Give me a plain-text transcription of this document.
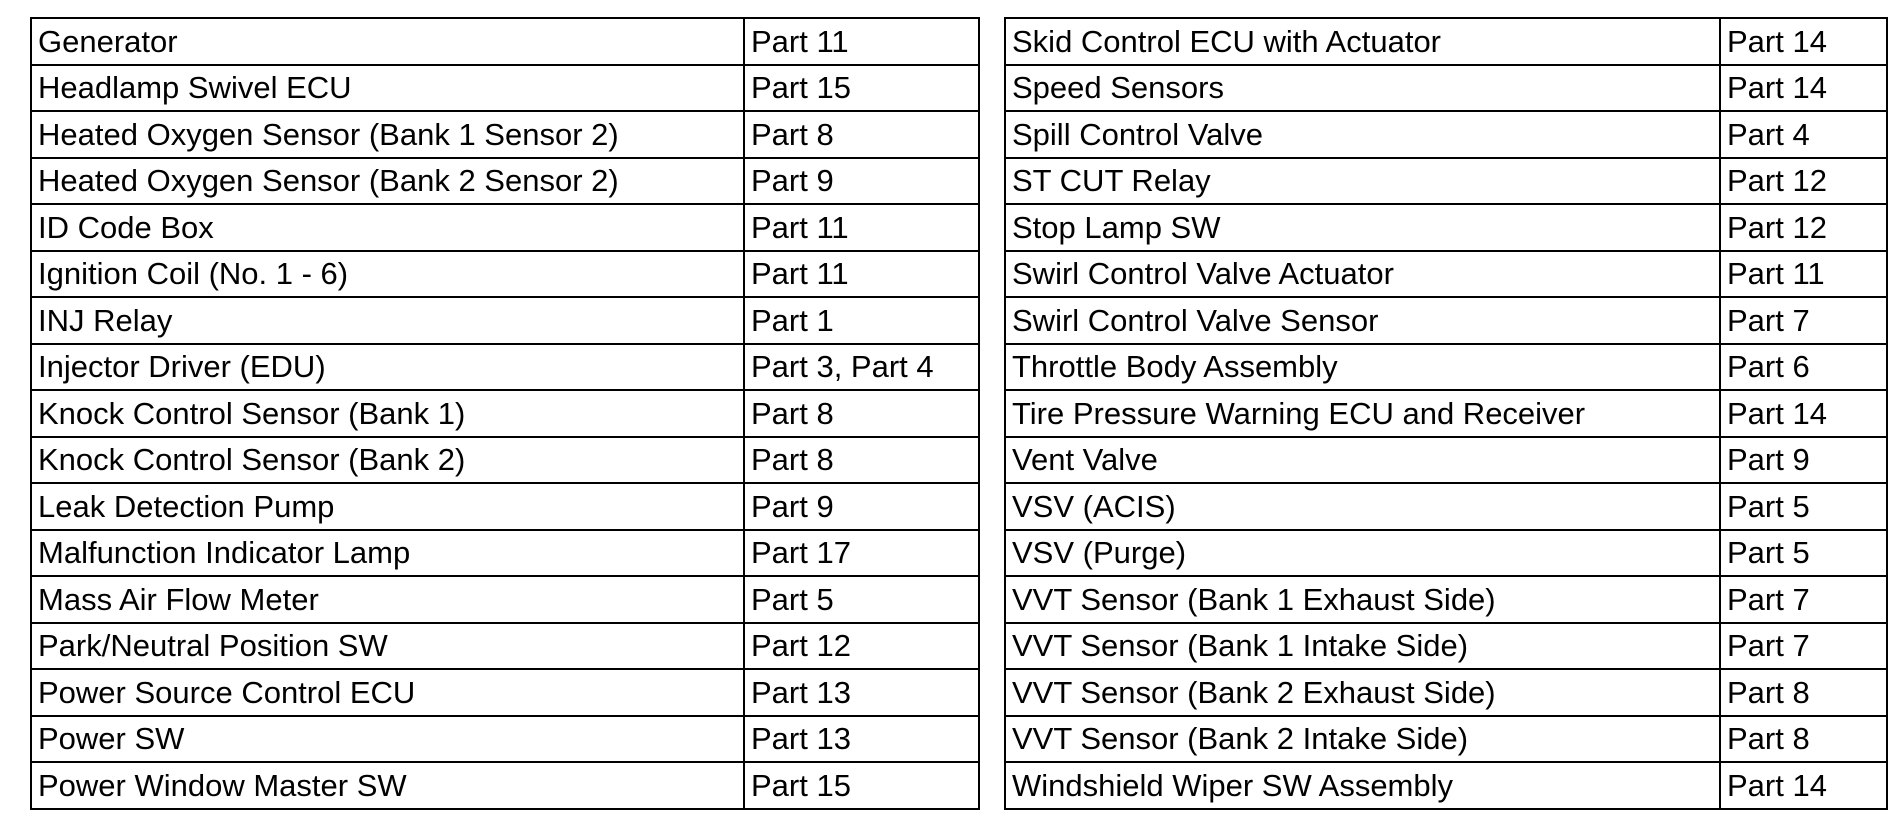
Generator	Part 11		Skid Control ECU with Actuator	Part 14
Headlamp Swivel ECU	Part 15		Speed Sensors	Part 14
Heated Oxygen Sensor (Bank 1 Sensor 2)	Part 8		Spill Control Valve	Part 4
Heated Oxygen Sensor (Bank 2 Sensor 2)	Part 9		ST CUT Relay	Part 12
ID Code Box	Part 11		Stop Lamp SW	Part 12
Ignition Coil (No. 1 - 6)	Part 11		Swirl Control Valve Actuator	Part 11
INJ Relay	Part 1		Swirl Control Valve Sensor	Part 7
Injector Driver (EDU)	Part 3, Part 4		Throttle Body Assembly	Part 6
Knock Control Sensor (Bank 1)	Part 8		Tire Pressure Warning ECU and Receiver	Part 14
Knock Control Sensor (Bank 2)	Part 8		Vent Valve	Part 9
Leak Detection Pump	Part 9		VSV (ACIS)	Part 5
Malfunction Indicator Lamp	Part 17		VSV (Purge)	Part 5
Mass Air Flow Meter	Part 5		VVT Sensor (Bank 1 Exhaust Side)	Part 7
Park/Neutral Position SW	Part 12		VVT Sensor (Bank 1 Intake Side)	Part 7
Power Source Control ECU	Part 13		VVT Sensor (Bank 2 Exhaust Side)	Part 8
Power SW	Part 13		VVT Sensor (Bank 2 Intake Side)	Part 8
Power Window Master SW	Part 15		Windshield Wiper SW Assembly	Part 14
